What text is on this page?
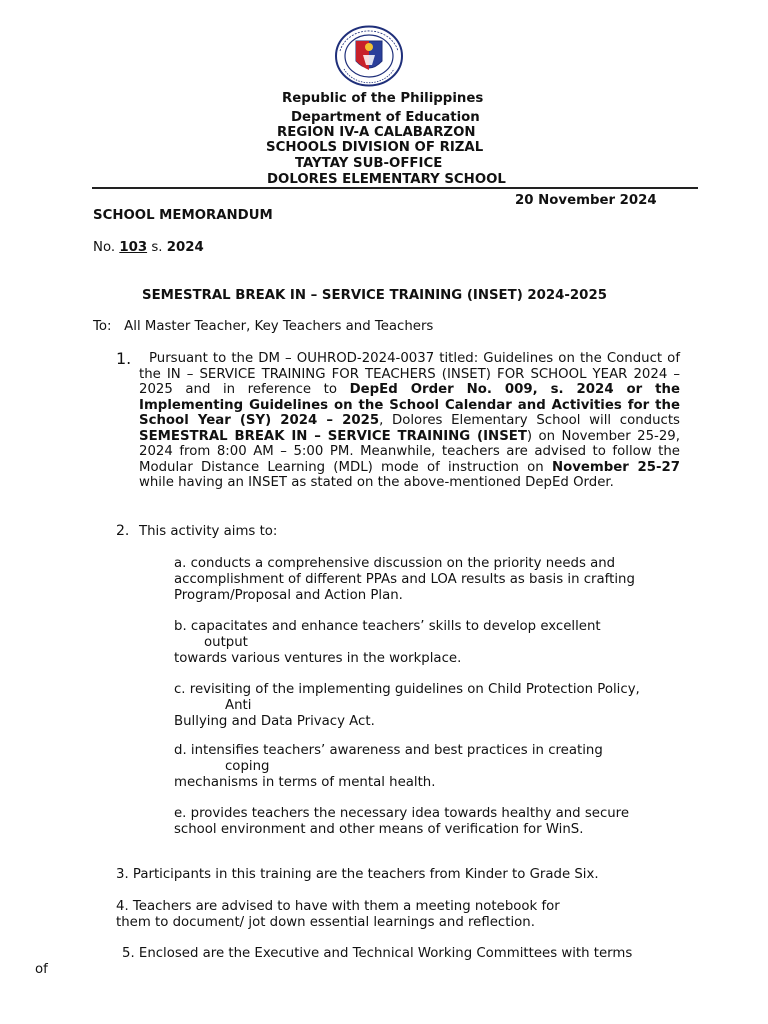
Republic of the Philippines
Department of Education
REGION IV-A CALABARZON
SCHOOLS DIVISION OF RIZAL
TAYTAY SUB-OFFICE
DOLORES ELEMENTARY SCHOOL
20 November 2024
SCHOOL MEMORANDUM
No. 103 s. 2024
SEMESTRAL BREAK IN – SERVICE TRAINING (INSET) 2024-2025
To: All Master Teacher, Key Teachers and Teachers
1.	Pursuant to the DM – OUHROD-2024-0037 titled: Guidelines on the Conduct of the IN – SERVICE TRAINING FOR TEACHERS (INSET) FOR SCHOOL YEAR 2024 – 2025 and in reference to DepEd Order No. 009, s. 2024 or the Implementing Guidelines on the School Calendar and Activities for the School Year (SY) 2024 – 2025, Dolores Elementary School will conducts SEMESTRAL BREAK IN – SERVICE TRAINING (INSET) on November 25-29, 2024 from 8:00 AM – 5:00 PM. Meanwhile, teachers are advised to follow the Modular Distance Learning (MDL) mode of instruction on November 25-27 while having an INSET as stated on the above-mentioned DepEd Order.
2. This activity aims to:
a. conducts a comprehensive discussion on the priority needs and
accomplishment of different PPAs and LOA results as basis in crafting
Program/Proposal and Action Plan.
b. capacitates and enhance teachers’ skills to develop excellent
output
towards various ventures in the workplace.
c. revisiting of the implementing guidelines on Child Protection Policy,
Anti
Bullying and Data Privacy Act.
d. intensifies teachers’ awareness and best practices in creating
coping
mechanisms in terms of mental health.
e. provides teachers the necessary idea towards healthy and secure
school environment and other means of verification for WinS.
3. Participants in this training are the teachers from Kinder to Grade Six.
4. Teachers are advised to have with them a meeting notebook for
them to document/ jot down essential learnings and reflection.
5. Enclosed are the Executive and Technical Working Committees with terms
of
